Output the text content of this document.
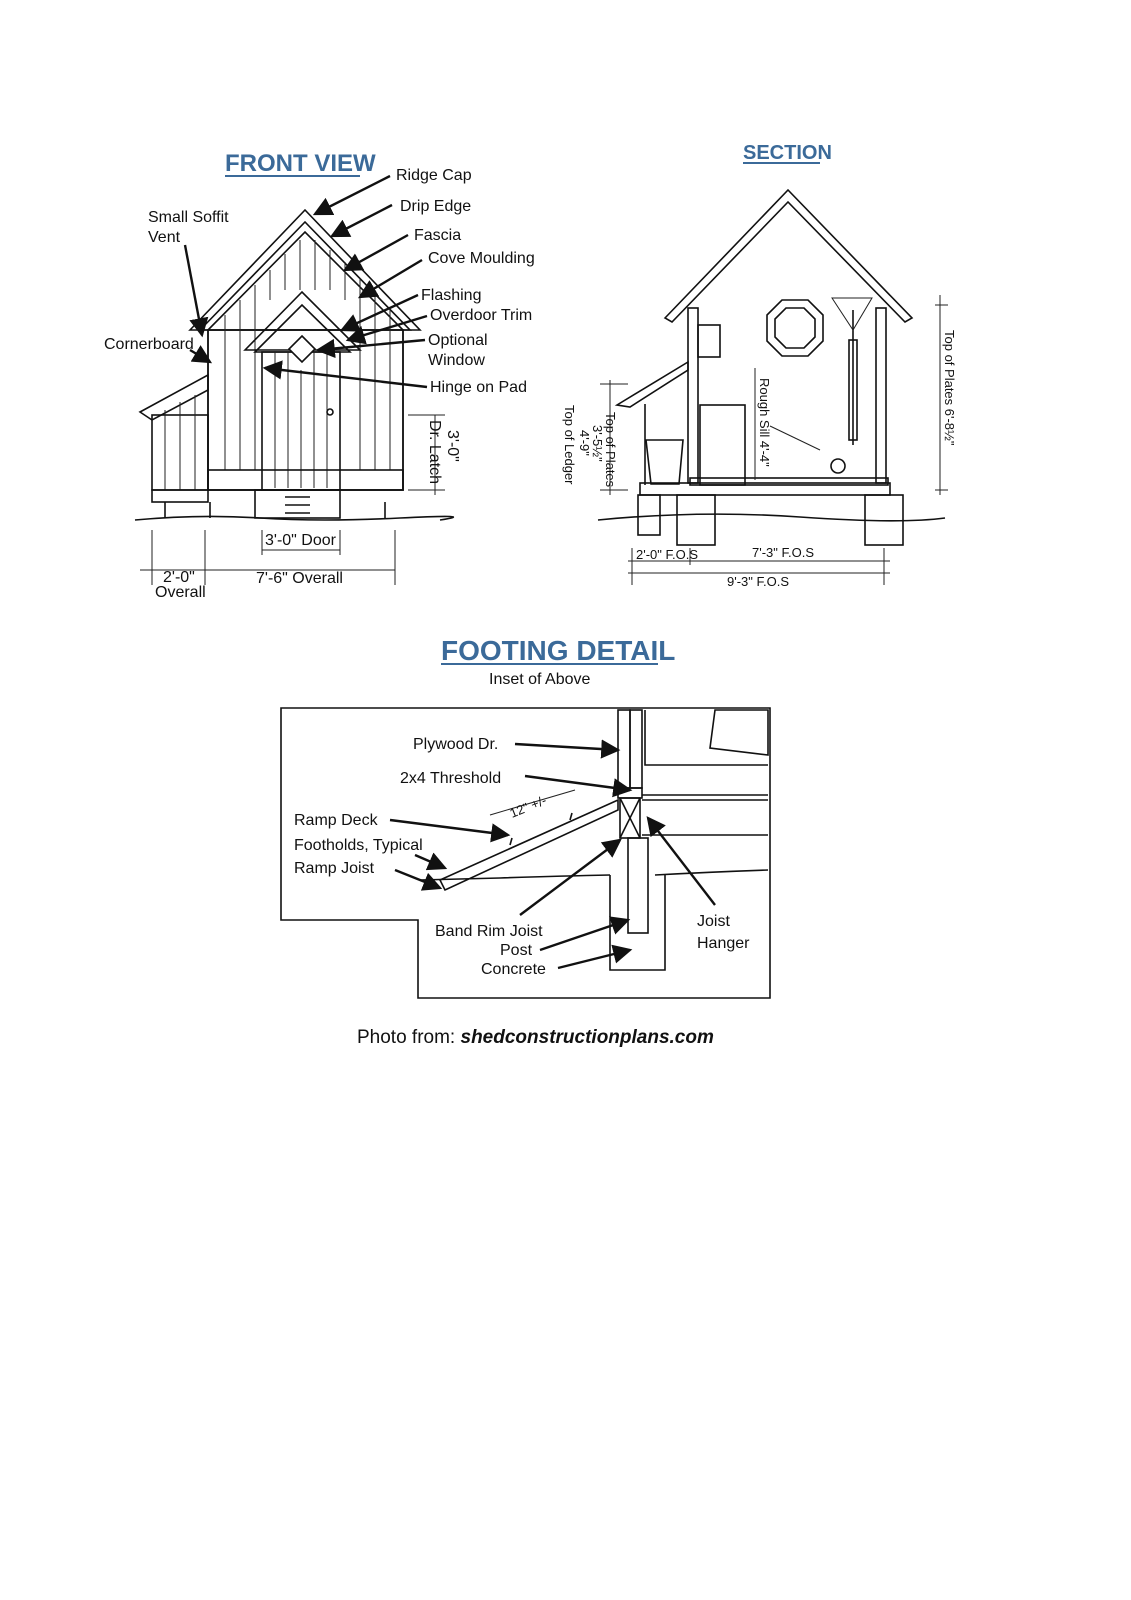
FRONT VIEW Ridge Cap
Drip Edge
Fascia
Cove Moulding
Small Soffit
Vent
Flashing
Overdoor Trim
Optional
Window
Cornerboard
Hinge on Pad
3'-0"
Dr. Latch
3'-0" Door
2'-0"
Overall
7'-6" Overall
SECTION
Top of Ledger 4'-9"
3'-5½"
Top of Plates	Rough Sill 4'-4"	Top of Plates 6'-8½"
2'-0" F.O.S	7'-3" F.O.S
9'-3" F.O.S
FOOTING DETAIL
Inset of Above
Plywood Dr.
2x4 Threshold
12" +/-
Ramp Deck
Footholds, Typical
Ramp Joist
Band Rim Joist
Post
Concrete
Joist
Hanger
Photo from: shedconstructionplans.com
